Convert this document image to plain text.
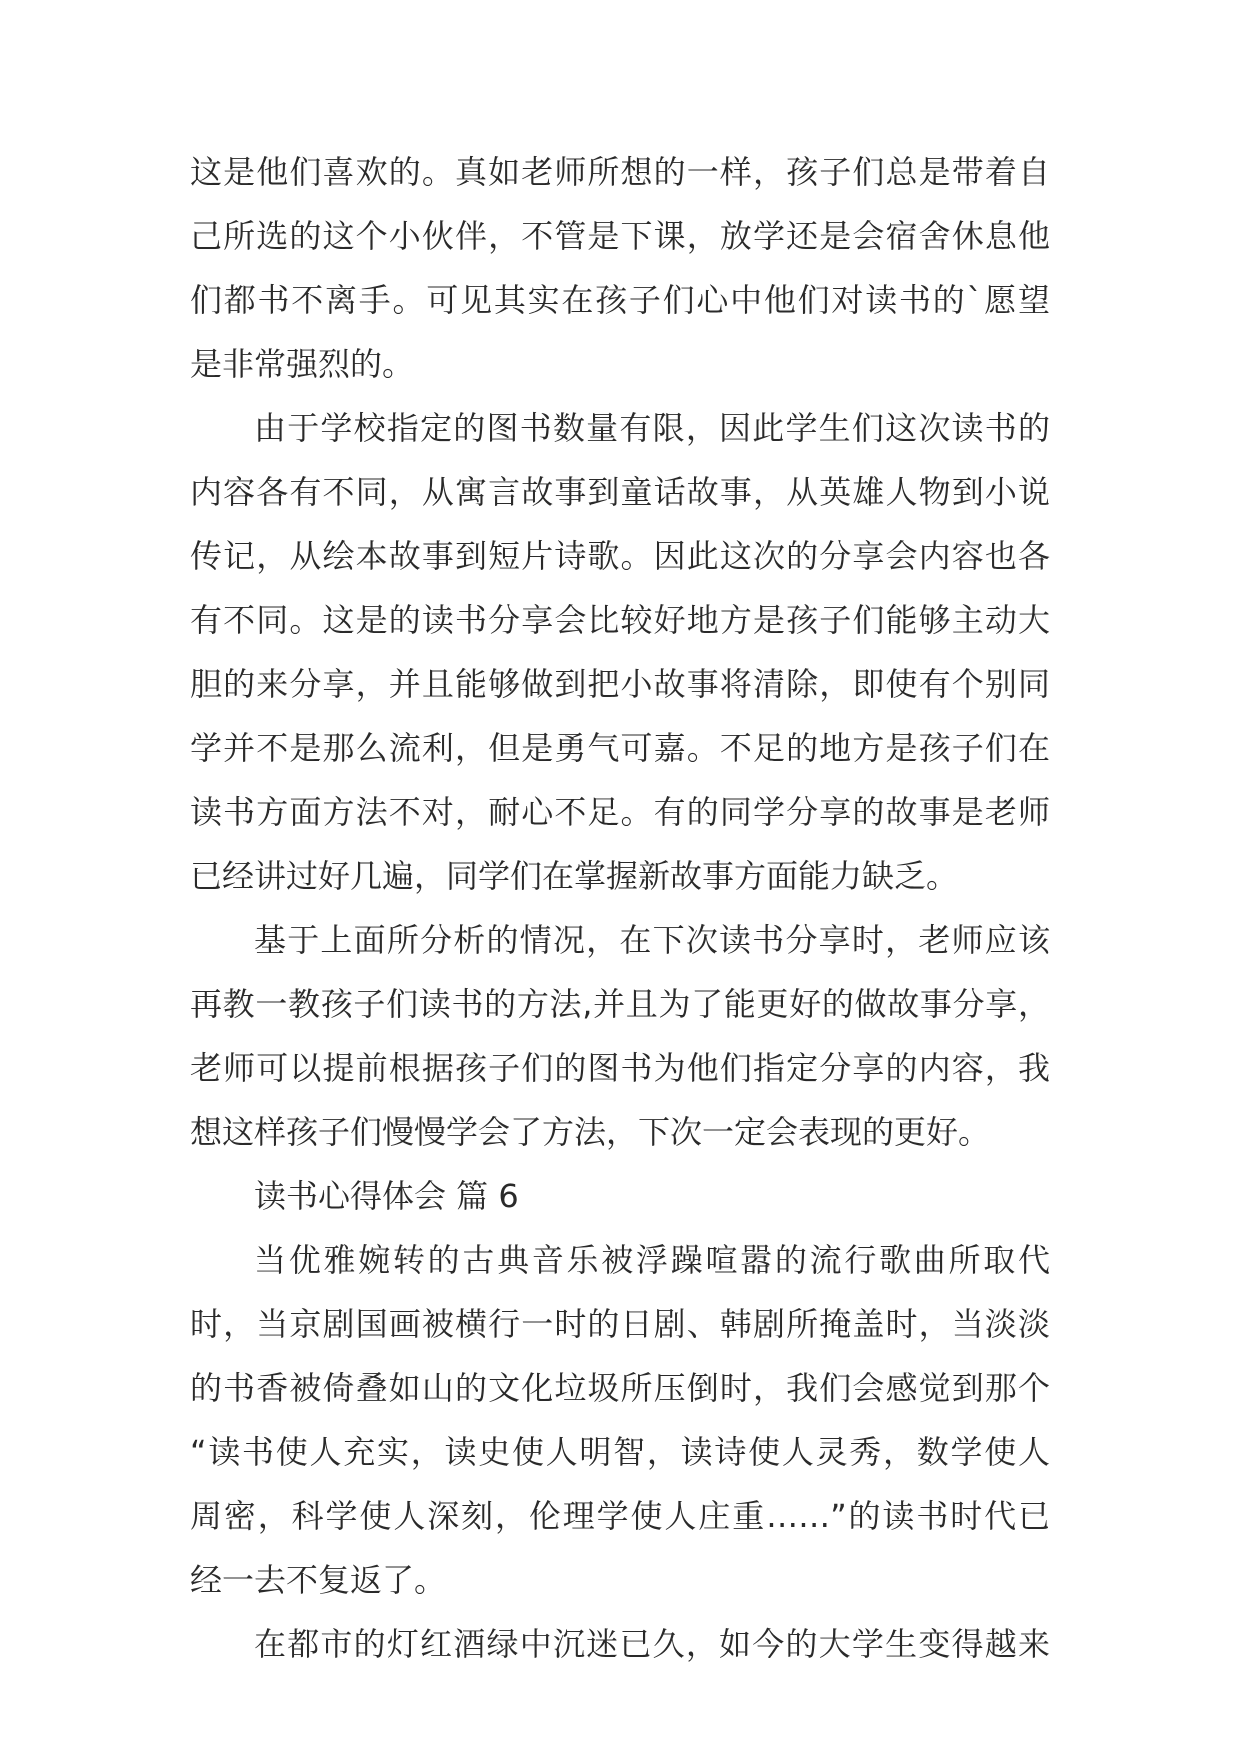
这是他们喜欢的。真如老师所想的一样，孩子们总是带着自
己所选的这个小伙伴，不管是下课，放学还是会宿舍休息他
们都书不离手。可见其实在孩子们心中他们对读书的`愿望
是非常强烈的。
由于学校指定的图书数量有限，因此学生们这次读书的
内容各有不同，从寓言故事到童话故事，从英雄人物到小说
传记，从绘本故事到短片诗歌。因此这次的分享会内容也各
有不同。这是的读书分享会比较好地方是孩子们能够主动大
胆的来分享，并且能够做到把小故事将清除，即使有个别同
学并不是那么流利，但是勇气可嘉。不足的地方是孩子们在
读书方面方法不对，耐心不足。有的同学分享的故事是老师
已经讲过好几遍，同学们在掌握新故事方面能力缺乏。
基于上面所分析的情况，在下次读书分享时，老师应该
再教一教孩子们读书的方法,并且为了能更好的做故事分享，
老师可以提前根据孩子们的图书为他们指定分享的内容，我
想这样孩子们慢慢学会了方法，下次一定会表现的更好。
读书心得体会 篇 6
当优雅婉转的古典音乐被浮躁喧嚣的流行歌曲所取代
时，当京剧国画被横行一时的日剧、韩剧所掩盖时，当淡淡
的书香被倚叠如山的文化垃圾所压倒时，我们会感觉到那个
“读书使人充实，读史使人明智，读诗使人灵秀，数学使人
周密，科学使人深刻，伦理学使人庄重……”的读书时代已
经一去不复返了。
在都市的灯红酒绿中沉迷已久，如今的大学生变得越来
